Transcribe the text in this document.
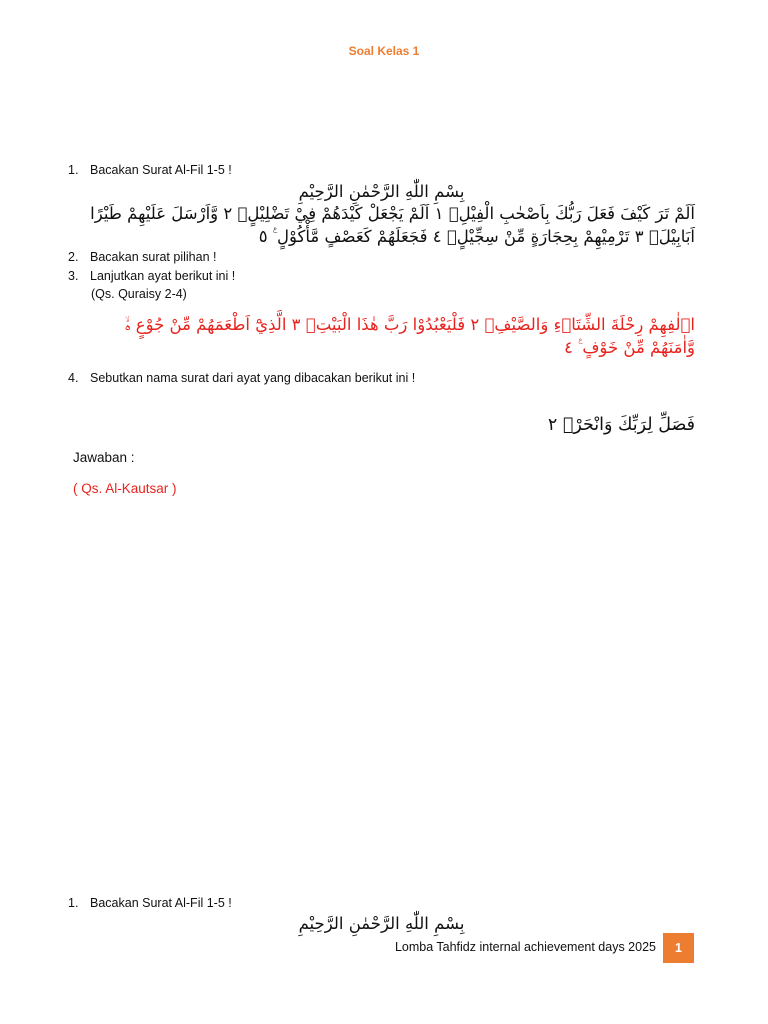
Soal Kelas 1
1. Bacakan Surat Al-Fil 1-5 !
بِسْمِ اللّٰهِ الرَّحْمٰنِ الرَّحِيْمِ
اَلَمْ تَرَ كَيْفَ فَعَلَ رَبُّكَ بِاَصْحٰبِ الْفِيْلِۗ ١ اَلَمْ يَجْعَلْ كَيْدَهُمْ فِيْ تَضْلِيْلٍۙ ٢ وَّاَرْسَلَ عَلَيْهِمْ طَيْرًا اَبَابِيْلَۙ ٣ تَرْمِيْهِمْ بِحِجَارَةٍ مِّنْ سِجِّيْلٍۙ ٤ فَجَعَلَهُمْ كَعَصْفٍ مَّأْكُوْلٍ ࣖ ٥
2. Bacakan surat pilihan !
3. Lanjutkan ayat berikut ini !
(Qs. Quraisy 2-4)
اٖلٰفِهِمْ رِحْلَةَ الشِّتَاۤءِ وَالصَّيْفِۚ ٢ فَلْيَعْبُدُوْا رَبَّ هٰذَا الْبَيْتِۙ ٣ الَّذِيْٓ اَطْعَمَهُمْ مِّنْ جُوْعٍ ەۙ وَّاٰمَنَهُمْ مِّنْ خَوْفٍ ࣖ ٤
4. Sebutkan nama surat dari ayat yang dibacakan berikut ini !
فَصَلِّ لِرَبِّكَ وَانْحَرْۗ ٢
Jawaban :
( Qs. Al-Kautsar )
1. Bacakan Surat Al-Fil 1-5 !
بِسْمِ اللّٰهِ الرَّحْمٰنِ الرَّحِيْمِ
Lomba Tahfidz internal achievement days 2025	1
